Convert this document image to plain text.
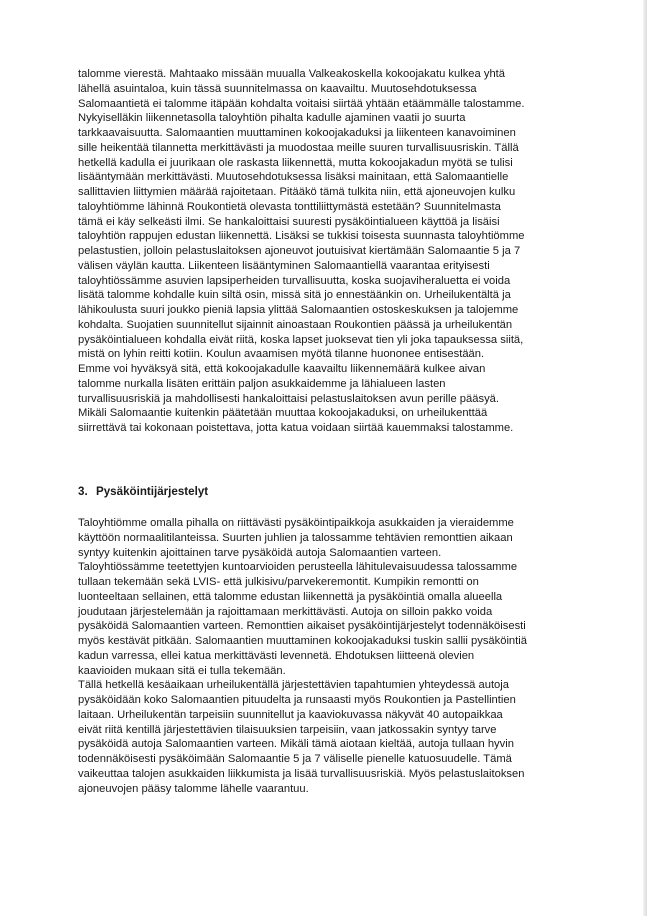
talomme vierestä. Mahtaako missään muualla Valkeakoskella kokoojakatu kulkea yhtä
lähellä asuintaloa, kuin tässä suunnitelmassa on kaavailtu. Muutosehdotuksessa
Salomaantietä ei talomme itäpään kohdalta voitaisi siirtää yhtään etäämmälle talostamme.
Nykyiselläkin liikennetasolla taloyhtiön pihalta kadulle ajaminen vaatii jo suurta
tarkkaavaisuutta. Salomaantien muuttaminen kokoojakaduksi ja liikenteen kanavoiminen
sille heikentää tilannetta merkittävästi ja muodostaa meille suuren turvallisuusriskin. Tällä
hetkellä kadulla ei juurikaan ole raskasta liikennettä, mutta kokoojakadun myötä se tulisi
lisääntymään merkittävästi. Muutosehdotuksessa lisäksi mainitaan, että Salomaantielle
sallittavien liittymien määrää rajoitetaan. Pitääkö tämä tulkita niin, että ajoneuvojen kulku
taloyhtiömme lähinnä Roukontietä olevasta tonttiliittymästä estetään? Suunnitelmasta
tämä ei käy selkeästi ilmi. Se hankaloittaisi suuresti pysäköintialueen käyttöä ja lisäisi
taloyhtiön rappujen edustan liikennettä. Lisäksi se tukkisi toisesta suunnasta taloyhtiömme
pelastustien, jolloin pelastuslaitoksen ajoneuvot joutuisivat kiertämään Salomaantie 5 ja 7
välisen väylän kautta. Liikenteen lisääntyminen Salomaantiellä vaarantaa erityisesti
taloyhtiössämme asuvien lapsiperheiden turvallisuutta, koska suojaviheraluetta ei voida
lisätä talomme kohdalle kuin siltä osin, missä sitä jo ennestäänkin on. Urheilukentältä ja
lähikoulusta suuri joukko pieniä lapsia ylittää Salomaantien ostoskeskuksen ja talojemme
kohdalta. Suojatien suunnitellut sijainnit ainoastaan Roukontien päässä ja urheilukentän
pysäköintialueen kohdalla eivät riitä, koska lapset juoksevat tien yli joka tapauksessa siitä,
mistä on lyhin reitti kotiin. Koulun avaamisen myötä tilanne huononee entisestään.
Emme voi hyväksyä sitä, että kokoojakadulle kaavailtu liikennemäärä kulkee aivan
talomme nurkalla lisäten erittäin paljon asukkaidemme ja lähialueen lasten
turvallisuusriskiä ja mahdollisesti hankaloittaisi pelastuslaitoksen avun perille pääsyä.
Mikäli Salomaantie kuitenkin päätetään muuttaa kokoojakaduksi, on urheilukenttää
siirrettävä tai kokonaan poistettava, jotta katua voidaan siirtää kauemmaksi talostamme.
3. Pysäköintijärjestelyt
Taloyhtiömme omalla pihalla on riittävästi pysäköintipaikkoja asukkaiden ja vieraidemme
käyttöön normaalitilanteissa. Suurten juhlien ja talossamme tehtävien remonttien aikaan
syntyy kuitenkin ajoittainen tarve pysäköidä autoja Salomaantien varteen.
Taloyhtiössämme teetettyjen kuntoarvioiden perusteella lähitulevaisuudessa talossamme
tullaan tekemään sekä LVIS- että julkisivu/parvekeremontit. Kumpikin remontti on
luonteeltaan sellainen, että talomme edustan liikennettä ja pysäköintiä omalla alueella
joudutaan järjestelemään ja rajoittamaan merkittävästi. Autoja on silloin pakko voida
pysäköidä Salomaantien varteen. Remonttien aikaiset pysäköintijärjestelyt todennäköisesti
myös kestävät pitkään. Salomaantien muuttaminen kokoojakaduksi tuskin sallii pysäköintiä
kadun varressa, ellei katua merkittävästi levennetä. Ehdotuksen liitteenä olevien
kaavioiden mukaan sitä ei tulla tekemään.
Tällä hetkellä kesäaikaan urheilukentällä järjestettävien tapahtumien yhteydessä autoja
pysäköidään koko Salomaantien pituudelta ja runsaasti myös Roukontien ja Pastellintien
laitaan. Urheilukentän tarpeisiin suunnitellut ja kaaviokuvassa näkyvät 40 autopaikkaa
eivät riitä kentillä järjestettävien tilaisuuksien tarpeisiin, vaan jatkossakin syntyy tarve
pysäköidä autoja Salomaantien varteen. Mikäli tämä aiotaan kieltää, autoja tullaan hyvin
todennäköisesti pysäköimään Salomaantie 5 ja 7 väliselle pienelle katuosuudelle. Tämä
vaikeuttaa talojen asukkaiden liikkumista ja lisää turvallisuusriskiä. Myös pelastuslaitoksen
ajoneuvojen pääsy talomme lähelle vaarantuu.
